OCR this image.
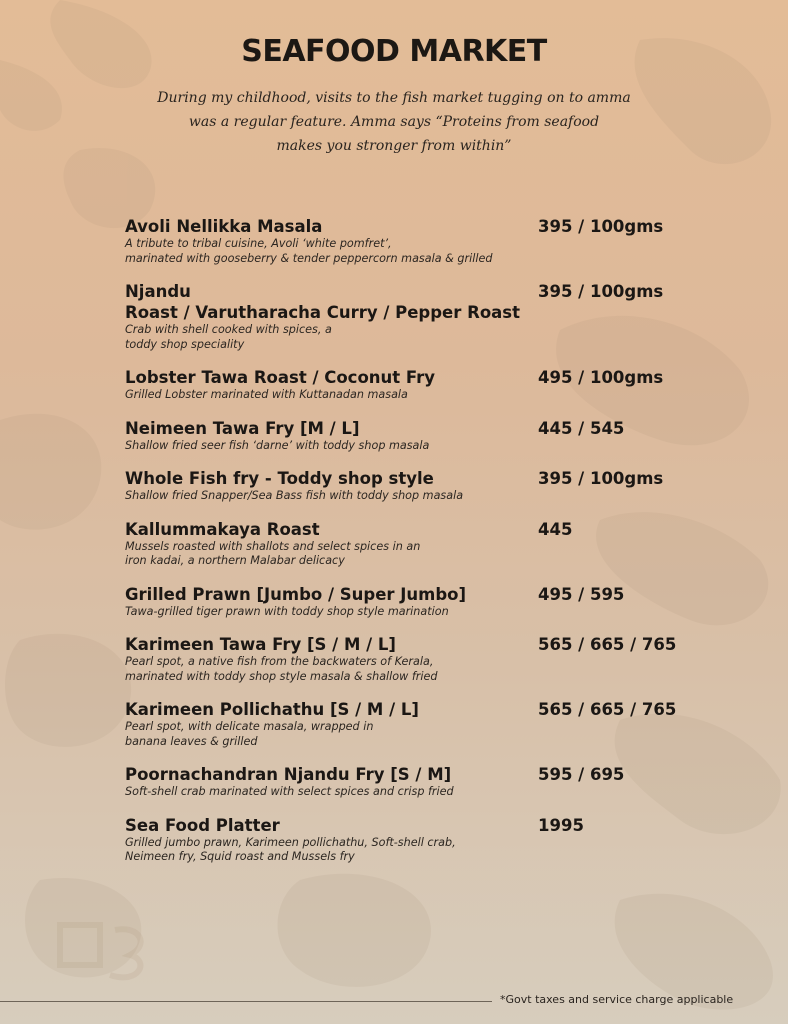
SEAFOOD MARKET
During my childhood, visits to the fish market tugging on to amma
was a regular feature. Amma says “Proteins from seafood
makes you stronger from within”
Avoli Nellikka Masala
A tribute to tribal cuisine, Avoli ‘white pomfret’,
marinated with gooseberry & tender peppercorn masala & grilled
395 / 100gms
Njandu
Roast / Varutharacha Curry / Pepper Roast
Crab with shell cooked with spices, a
toddy shop speciality
395 / 100gms
Lobster Tawa Roast / Coconut Fry
Grilled Lobster marinated with Kuttanadan masala
495 / 100gms
Neimeen Tawa Fry [M / L]
Shallow fried seer fish ‘darne’ with toddy shop masala
445 / 545
Whole Fish fry - Toddy shop style
Shallow fried Snapper/Sea Bass fish with toddy shop masala
395 / 100gms
Kallummakaya Roast
Mussels roasted with shallots and select spices in an
iron kadai, a northern Malabar delicacy
445
Grilled Prawn [Jumbo / Super Jumbo]
Tawa-grilled tiger prawn with toddy shop style marination
495 / 595
Karimeen Tawa Fry [S / M / L]
Pearl spot, a native fish from the backwaters of Kerala,
marinated with toddy shop style masala & shallow fried
565 / 665 / 765
Karimeen Pollichathu [S / M / L]
Pearl spot, with delicate masala, wrapped in
banana leaves & grilled
565 / 665 / 765
Poornachandran Njandu Fry [S / M]
Soft-shell crab marinated with select spices and crisp fried
595 / 695
Sea Food Platter
Grilled jumbo prawn, Karimeen pollichathu, Soft-shell crab,
Neimeen fry, Squid roast and Mussels fry
1995
*Govt taxes and service charge applicable
